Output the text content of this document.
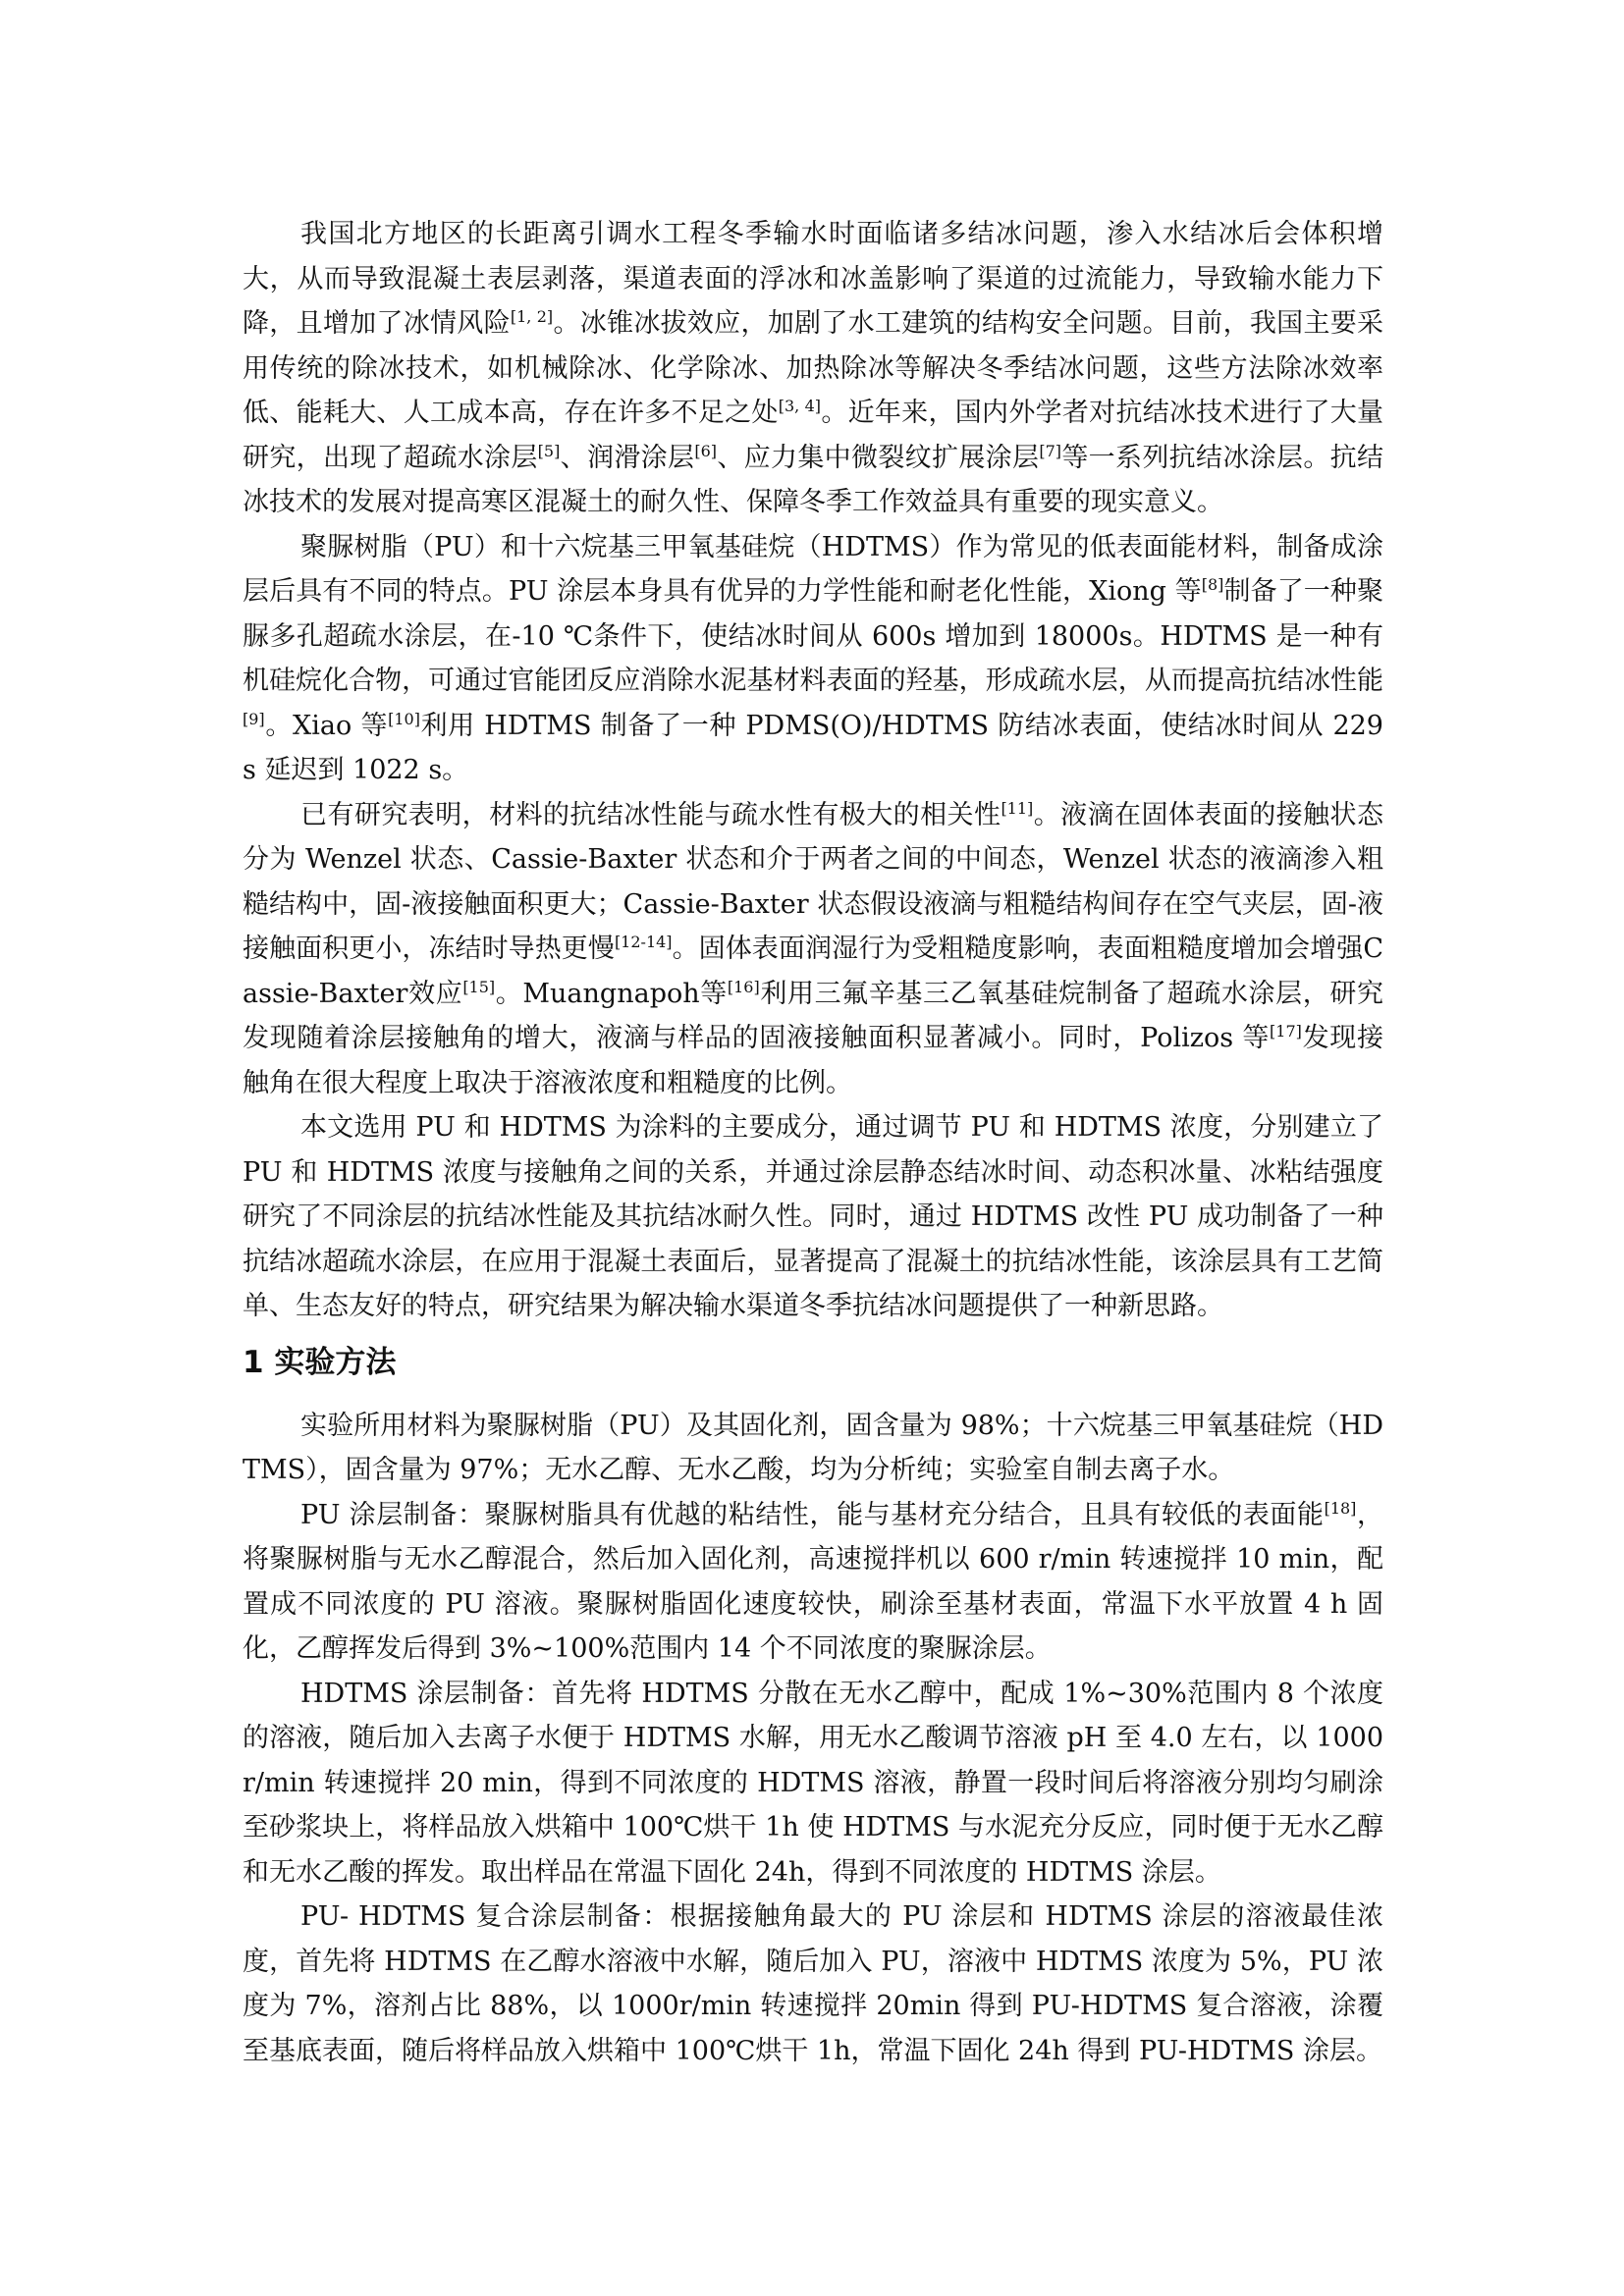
我国北方地区的长距离引调水工程冬季输水时面临诸多结冰问题，渗入水结冰后会体积增大，从而导致混凝土表层剥落，渠道表面的浮冰和冰盖影响了渠道的过流能力，导致输水能力下降，且增加了冰情风险[1, 2]。冰锥冰拔效应，加剧了水工建筑的结构安全问题。目前，我国主要采用传统的除冰技术，如机械除冰、化学除冰、加热除冰等解决冬季结冰问题，这些方法除冰效率低、能耗大、人工成本高，存在许多不足之处[3, 4]。近年来，国内外学者对抗结冰技术进行了大量研究，出现了超疏水涂层[5]、润滑涂层[6]、应力集中微裂纹扩展涂层[7]等一系列抗结冰涂层。抗结冰技术的发展对提高寒区混凝土的耐久性、保障冬季工作效益具有重要的现实意义。

聚脲树脂（PU）和十六烷基三甲氧基硅烷（HDTMS）作为常见的低表面能材料，制备成涂层后具有不同的特点。PU 涂层本身具有优异的力学性能和耐老化性能，Xiong 等[8]制备了一种聚脲多孔超疏水涂层，在-10 ℃条件下，使结冰时间从 600s 增加到 18000s。HDTMS 是一种有机硅烷化合物，可通过官能团反应消除水泥基材料表面的羟基，形成疏水层，从而提高抗结冰性能[9]。Xiao 等[10]利用 HDTMS 制备了一种 PDMS(O)/HDTMS 防结冰表面，使结冰时间从 229 s 延迟到 1022 s。

已有研究表明，材料的抗结冰性能与疏水性有极大的相关性[11]。液滴在固体表面的接触状态分为 Wenzel 状态、Cassie-Baxter 状态和介于两者之间的中间态，Wenzel 状态的液滴渗入粗糙结构中，固-液接触面积更大；Cassie-Baxter 状态假设液滴与粗糙结构间存在空气夹层，固-液接触面积更小，冻结时导热更慢[12-14]。固体表面润湿行为受粗糙度影响，表面粗糙度增加会增强Cassie-Baxter效应[15]。Muangnapoh等[16]利用三氟辛基三乙氧基硅烷制备了超疏水涂层，研究发现随着涂层接触角的增大，液滴与样品的固液接触面积显著减小。同时，Polizos 等[17]发现接触角在很大程度上取决于溶液浓度和粗糙度的比例。

本文选用 PU 和 HDTMS 为涂料的主要成分，通过调节 PU 和 HDTMS 浓度，分别建立了 PU 和 HDTMS 浓度与接触角之间的关系，并通过涂层静态结冰时间、动态积冰量、冰粘结强度研究了不同涂层的抗结冰性能及其抗结冰耐久性。同时，通过 HDTMS 改性 PU 成功制备了一种抗结冰超疏水涂层，在应用于混凝土表面后，显著提高了混凝土的抗结冰性能，该涂层具有工艺简单、生态友好的特点，研究结果为解决输水渠道冬季抗结冰问题提供了一种新思路。

1 实验方法

实验所用材料为聚脲树脂（PU）及其固化剂，固含量为 98%；十六烷基三甲氧基硅烷（HDTMS），固含量为 97%；无水乙醇、无水乙酸，均为分析纯；实验室自制去离子水。

PU 涂层制备：聚脲树脂具有优越的粘结性，能与基材充分结合，且具有较低的表面能[18]，将聚脲树脂与无水乙醇混合，然后加入固化剂，高速搅拌机以 600 r/min 转速搅拌 10 min，配置成不同浓度的 PU 溶液。聚脲树脂固化速度较快，刷涂至基材表面，常温下水平放置 4 h 固化，乙醇挥发后得到 3%~100%范围内 14 个不同浓度的聚脲涂层。

HDTMS 涂层制备：首先将 HDTMS 分散在无水乙醇中，配成 1%~30%范围内 8 个浓度的溶液，随后加入去离子水便于 HDTMS 水解，用无水乙酸调节溶液 pH 至 4.0 左右，以 1000 r/min 转速搅拌 20 min，得到不同浓度的 HDTMS 溶液，静置一段时间后将溶液分别均匀刷涂至砂浆块上，将样品放入烘箱中 100℃烘干 1h 使 HDTMS 与水泥充分反应，同时便于无水乙醇和无水乙酸的挥发。取出样品在常温下固化 24h，得到不同浓度的 HDTMS 涂层。

PU- HDTMS 复合涂层制备：根据接触角最大的 PU 涂层和 HDTMS 涂层的溶液最佳浓度，首先将 HDTMS 在乙醇水溶液中水解，随后加入 PU，溶液中 HDTMS 浓度为 5%，PU 浓度为 7%，溶剂占比 88%，以 1000r/min 转速搅拌 20min 得到 PU-HDTMS 复合溶液，涂覆至基底表面，随后将样品放入烘箱中 100℃烘干 1h，常温下固化 24h 得到 PU-HDTMS 涂层。
